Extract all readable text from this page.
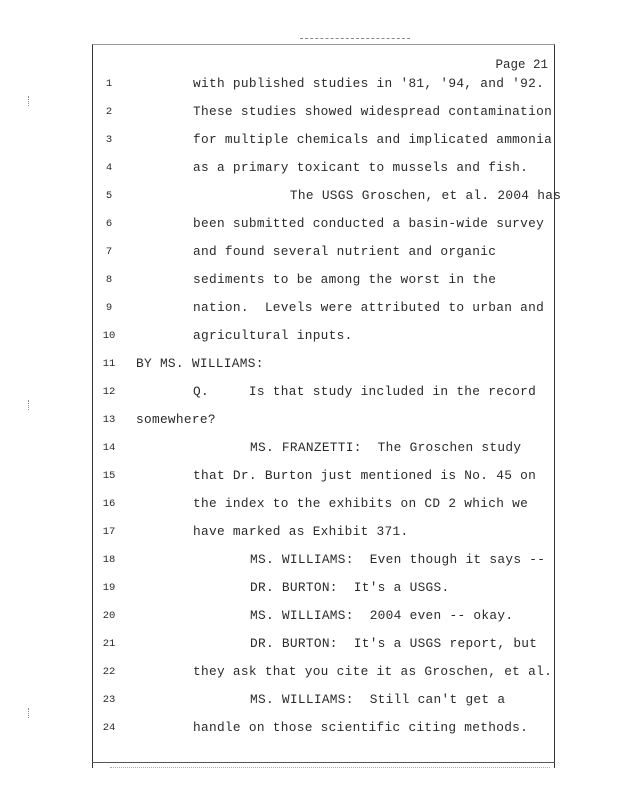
Page 21
1	with published studies in '81, '94, and '92.
2	These studies showed widespread contamination
3	for multiple chemicals and implicated ammonia
4	as a primary toxicant to mussels and fish.
5	The USGS Groschen, et al. 2004 has
6	been submitted conducted a basin-wide survey
7	and found several nutrient and organic
8	sediments to be among the worst in the
9	nation.  Levels were attributed to urban and
10	agricultural inputs.
11	BY MS. WILLIAMS:
12	Q.     Is that study included in the record
13	somewhere?
14	MS. FRANZETTI:  The Groschen study
15	that Dr. Burton just mentioned is No. 45 on
16	the index to the exhibits on CD 2 which we
17	have marked as Exhibit 371.
18	MS. WILLIAMS:  Even though it says --
19	DR. BURTON:  It's a USGS.
20	MS. WILLIAMS:  2004 even -- okay.
21	DR. BURTON:  It's a USGS report, but
22	they ask that you cite it as Groschen, et al.
23	MS. WILLIAMS:  Still can't get a
24	handle on those scientific citing methods.
